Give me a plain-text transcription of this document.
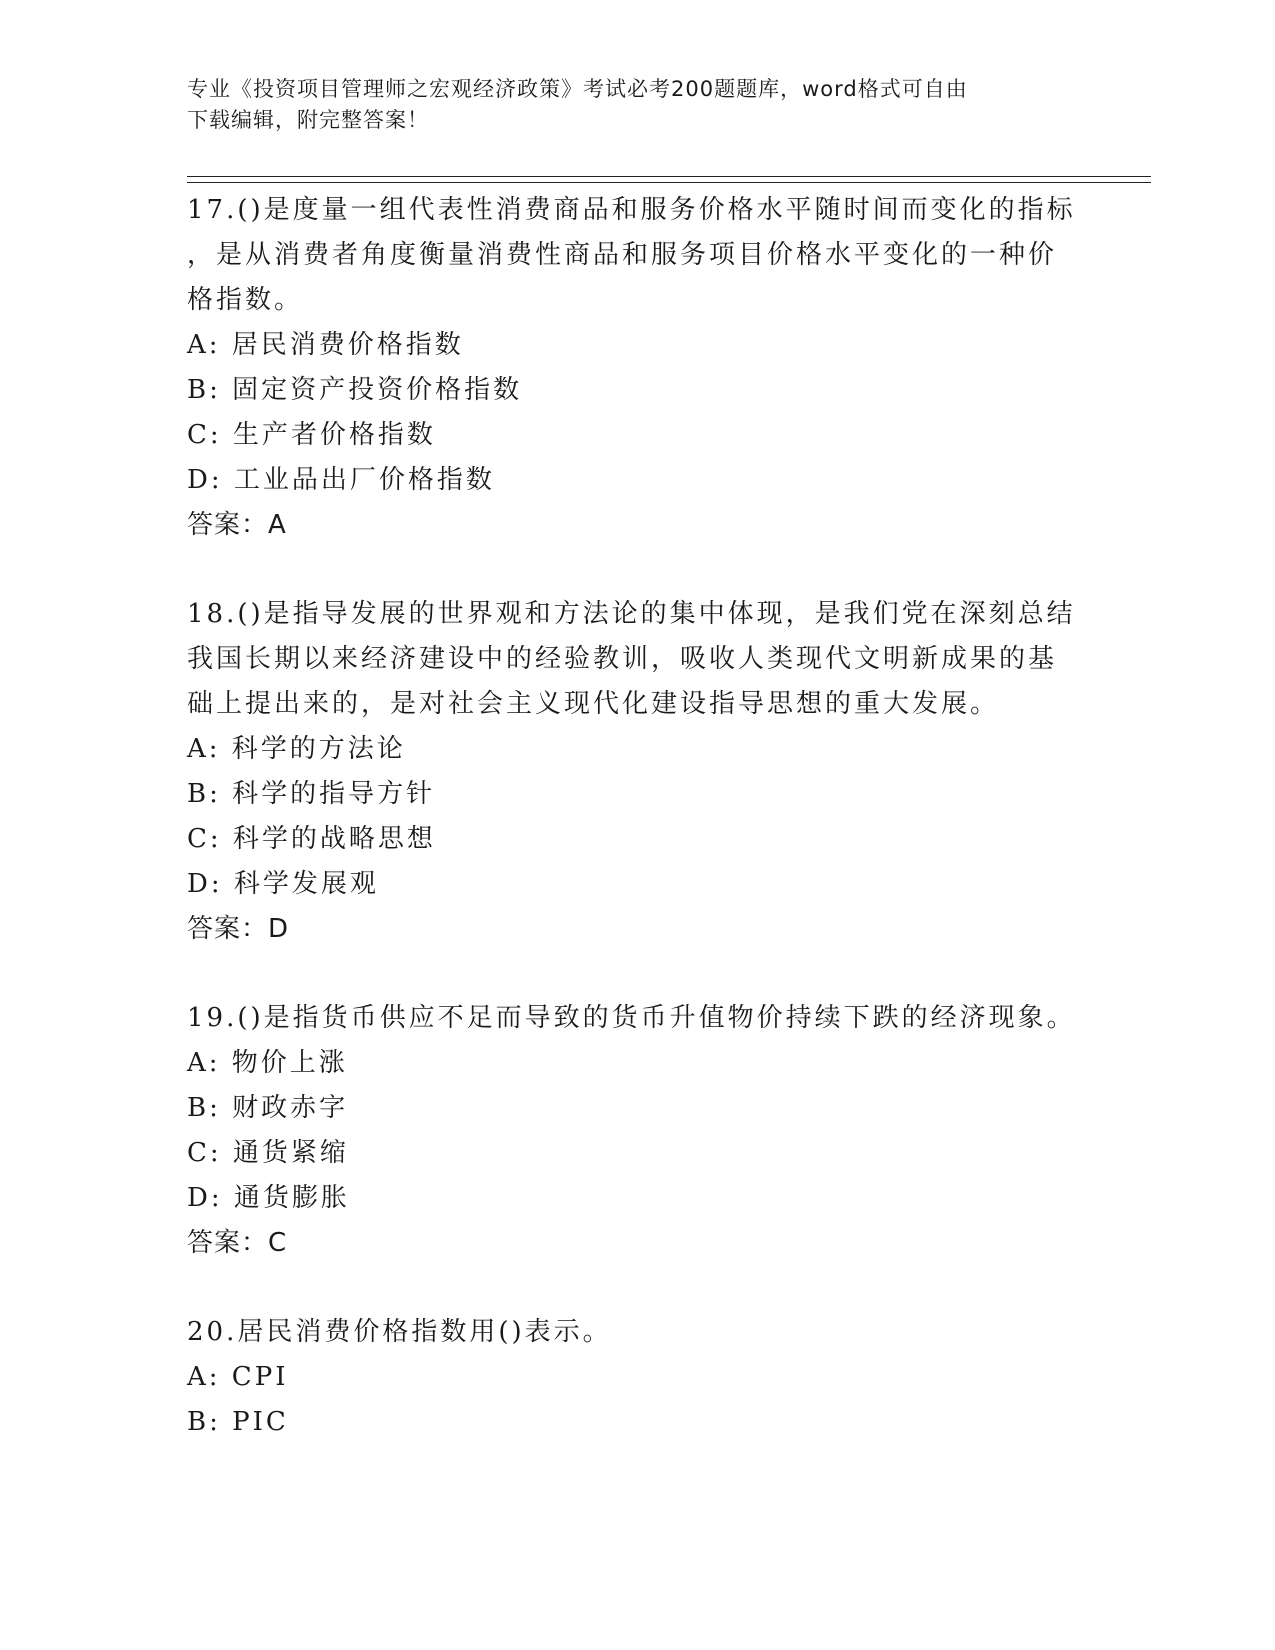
专业《投资项目管理师之宏观经济政策》考试必考200题题库，word格式可自由
下载编辑，附完整答案！

17.()是度量一组代表性消费商品和服务价格水平随时间而变化的指标

，是从消费者角度衡量消费性商品和服务项目价格水平变化的一种价

格指数。

A: 居民消费价格指数

B: 固定资产投资价格指数

C: 生产者价格指数

D: 工业品出厂价格指数

答案：A

18.()是指导发展的世界观和方法论的集中体现，是我们党在深刻总结

我国长期以来经济建设中的经验教训，吸收人类现代文明新成果的基

础上提出来的，是对社会主义现代化建设指导思想的重大发展。

A: 科学的方法论

B: 科学的指导方针

C: 科学的战略思想

D: 科学发展观

答案：D

19.()是指货币供应不足而导致的货币升值物价持续下跌的经济现象。

A: 物价上涨

B: 财政赤字

C: 通货紧缩

D: 通货膨胀

答案：C

20.居民消费价格指数用()表示。

A: CPI

B: PIC
